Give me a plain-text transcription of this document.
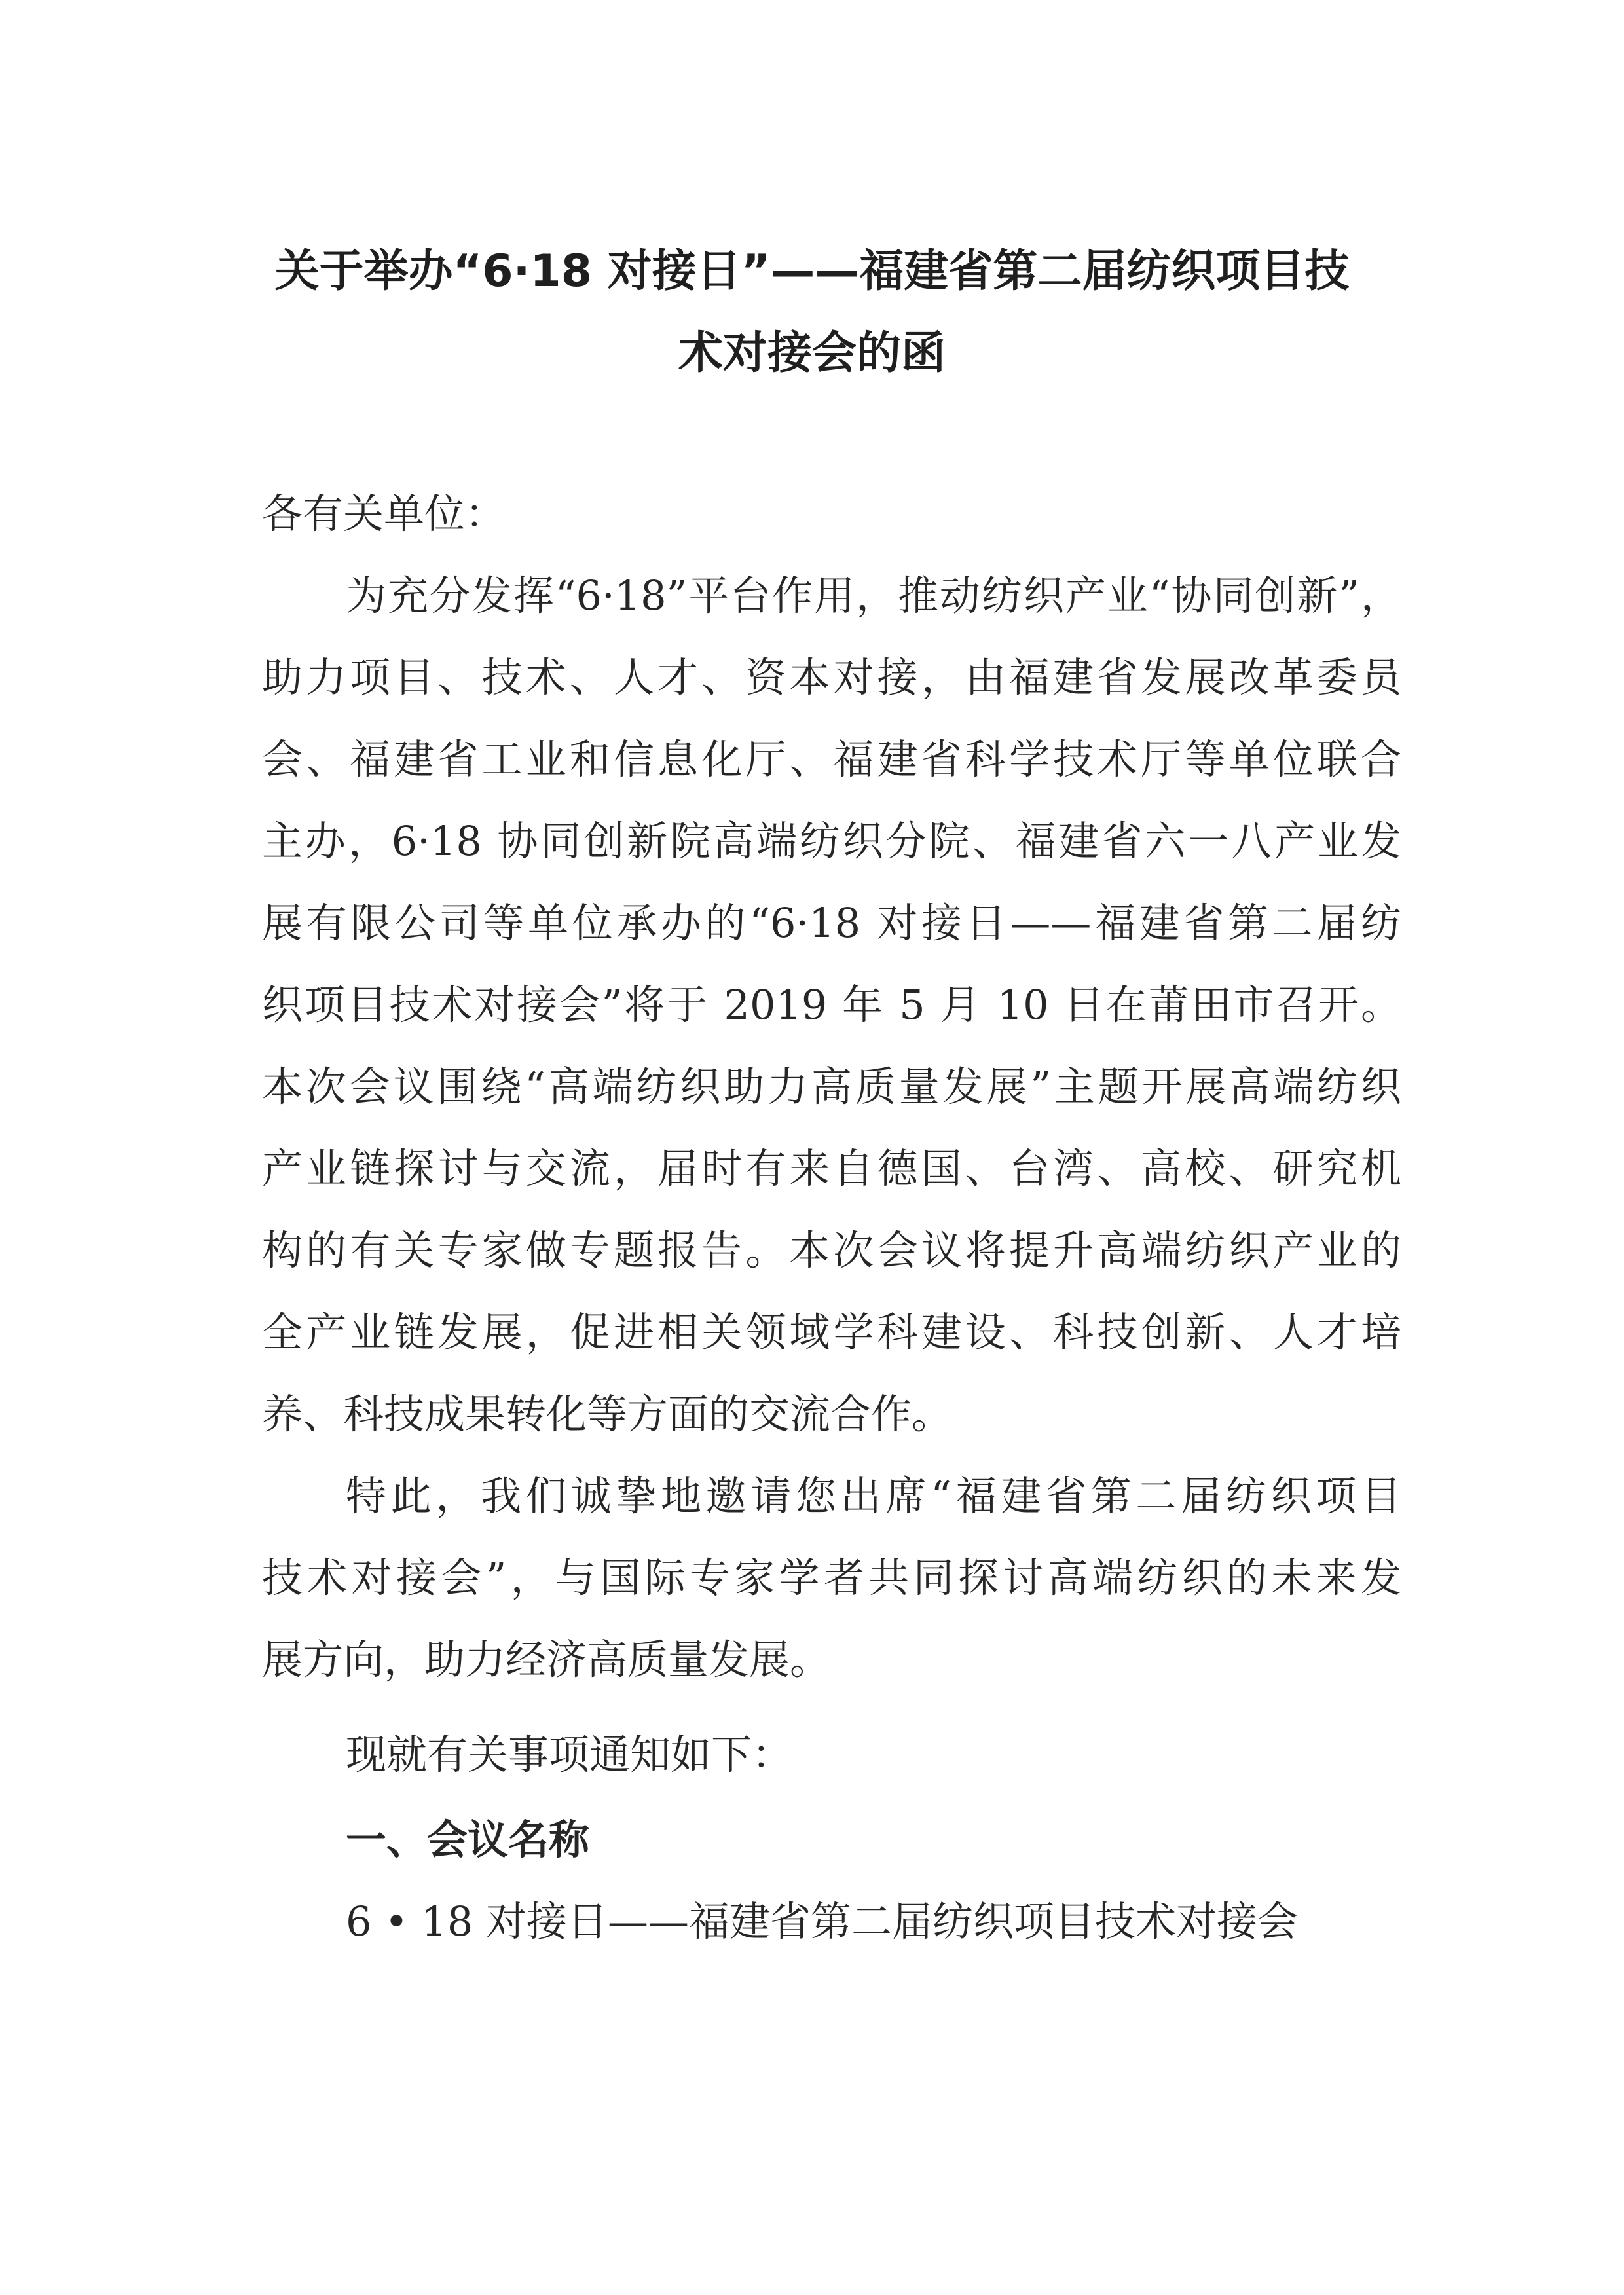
关于举办“6·18 对接日”——福建省第二届纺织项目技
术对接会的函
各有关单位：
为充分发挥“6·18”平台作用，推动纺织产业“协同创新”，
助力项目、技术、人才、资本对接，由福建省发展改革委员
会、福建省工业和信息化厅、福建省科学技术厅等单位联合
主办，6·18 协同创新院高端纺织分院、福建省六一八产业发
展有限公司等单位承办的“6·18 对接日——福建省第二届纺
织项目技术对接会”将于 2019 年 5 月 10 日在莆田市召开。
本次会议围绕“高端纺织助力高质量发展”主题开展高端纺织
产业链探讨与交流，届时有来自德国、台湾、高校、研究机
构的有关专家做专题报告。本次会议将提升高端纺织产业的
全产业链发展，促进相关领域学科建设、科技创新、人才培
养、科技成果转化等方面的交流合作。
特此，我们诚挚地邀请您出席“福建省第二届纺织项目
技术对接会”，与国际专家学者共同探讨高端纺织的未来发
展方向，助力经济高质量发展。
现就有关事项通知如下：
一、会议名称
6 • 18 对接日——福建省第二届纺织项目技术对接会
